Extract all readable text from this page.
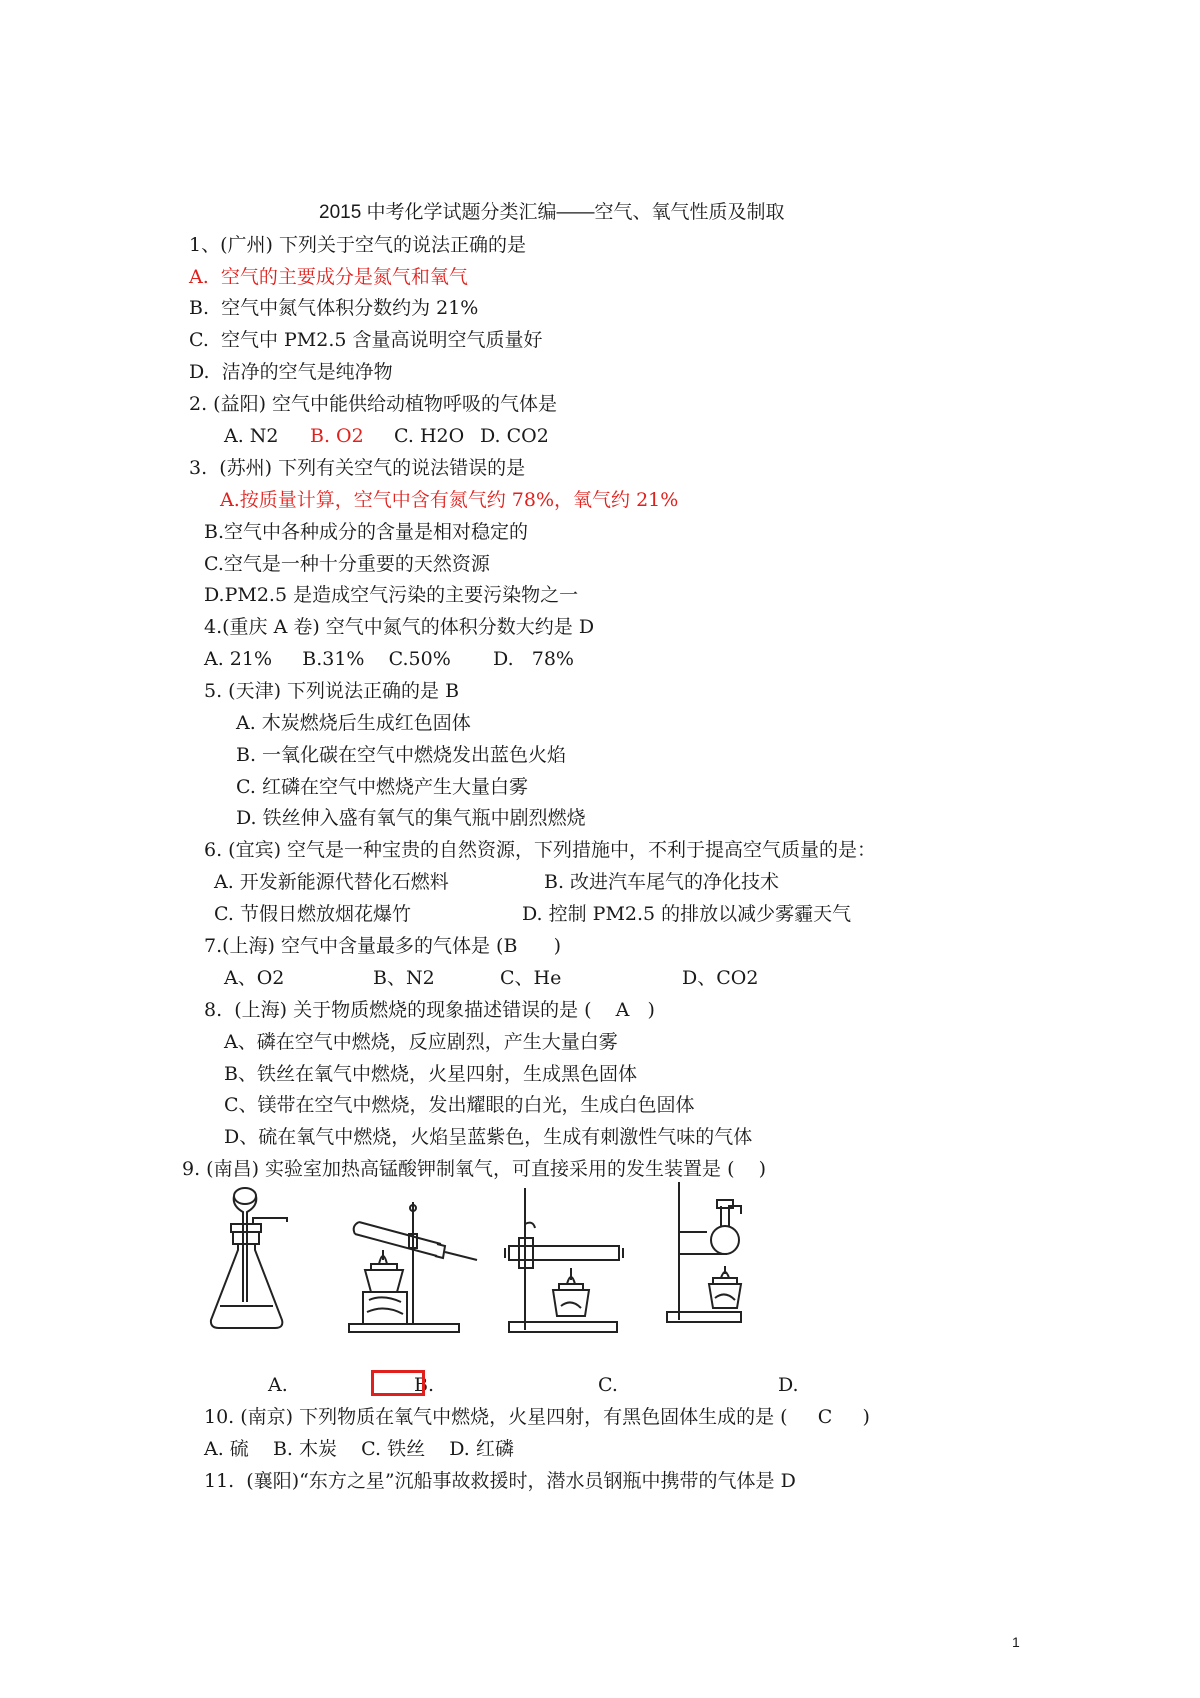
2015 中考化学试题分类汇编——空气、氧气性质及制取
1、(广州) 下列关于空气的说法正确的是
A.  空气的主要成分是氮气和氧气
B.  空气中氮气体积分数约为 21%
C.  空气中 PM2.5 含量高说明空气质量好
D.  洁净的空气是纯净物
2. (益阳) 空气中能供给动植物呼吸的气体是
A. N2 B. O2 C. H2O D. CO2
3.  (苏州) 下列有关空气的说法错误的是
A.按质量计算，空气中含有氮气约 78%，氧气约 21%
B.空气中各种成分的含量是相对稳定的
C.空气是一种十分重要的天然资源
D.PM2.5 是造成空气污染的主要污染物之一
4.(重庆 A 卷) 空气中氮气的体积分数大约是 D
A. 21%     B.31%    C.50%       D.   78%
5. (天津) 下列说法正确的是 B
A. 木炭燃烧后生成红色固体
B. 一氧化碳在空气中燃烧发出蓝色火焰
C. 红磷在空气中燃烧产生大量白雾
D. 铁丝伸入盛有氧气的集气瓶中剧烈燃烧
6. (宜宾) 空气是一种宝贵的自然资源，下列措施中，不利于提高空气质量的是：
A. 开发新能源代替化石燃料	B. 改进汽车尾气的净化技术
C. 节假日燃放烟花爆竹	D. 控制 PM2.5 的排放以减少雾霾天气
7.(上海) 空气中含量最多的气体是 (B      )
A、O2	B、N2	C、He	D、CO2
8.  (上海) 关于物质燃烧的现象描述错误的是 (    A   )
A、磷在空气中燃烧，反应剧烈，产生大量白雾
B、铁丝在氧气中燃烧，火星四射，生成黑色固体
C、镁带在空气中燃烧，发出耀眼的白光，生成白色固体
D、硫在氧气中燃烧，火焰呈蓝紫色，生成有刺激性气味的气体
9. (南昌) 实验室加热高锰酸钾制氧气，可直接采用的发生装置是 (    )
A.	B.	C.	D.
10. (南京) 下列物质在氧气中燃烧，火星四射，有黑色固体生成的是 (     C     )
A. 硫    B. 木炭    C. 铁丝    D. 红磷
11.  (襄阳)“东方之星”沉船事故救援时，潜水员钢瓶中携带的气体是 D
1
